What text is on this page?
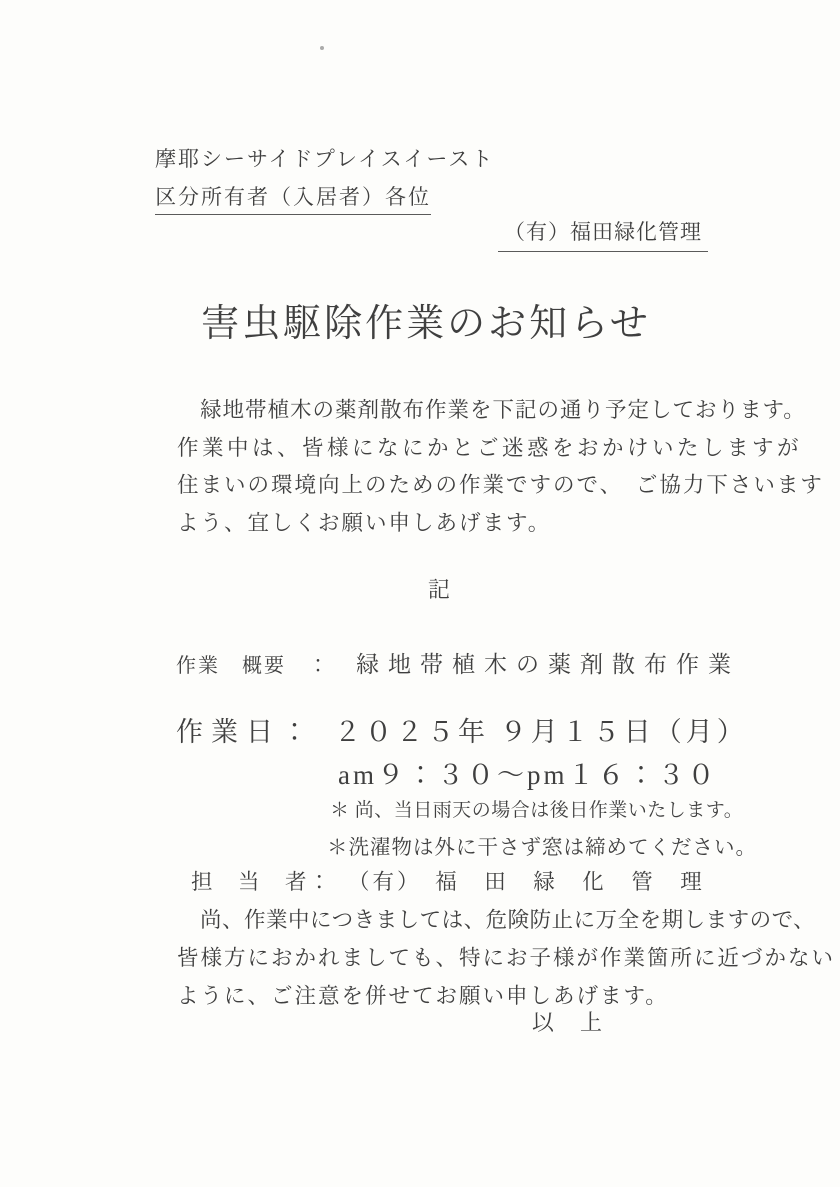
摩耶シーサイドプレイスイースト
区分所有者（入居者）各位
（有）福田緑化管理
害虫駆除作業のお知らせ
緑地帯植木の薬剤散布作業を下記の通り予定しております。
作業中は、皆様になにかとご迷惑をおかけいたしますが
住まいの環境向上のための作業ですので、　ご協力下さいます
よう、宜しくお願い申しあげます。
記
作業　概要　： 緑地帯植木の薬剤散布作業
作業日： ２０２５年 ９月１５日（月）
am９：３０～pm１６：３０
＊ 尚、当日雨天の場合は後日作業いたします。
＊洗濯物は外に干さず窓は締めてください。
担　当　者： （有）　福　田　緑　化　管　理
尚、作業中につきましては、危険防止に万全を期しますので、
皆様方におかれましても、特にお子様が作業箇所に近づかない
ように、ご注意を併せてお願い申しあげます。
以　上
